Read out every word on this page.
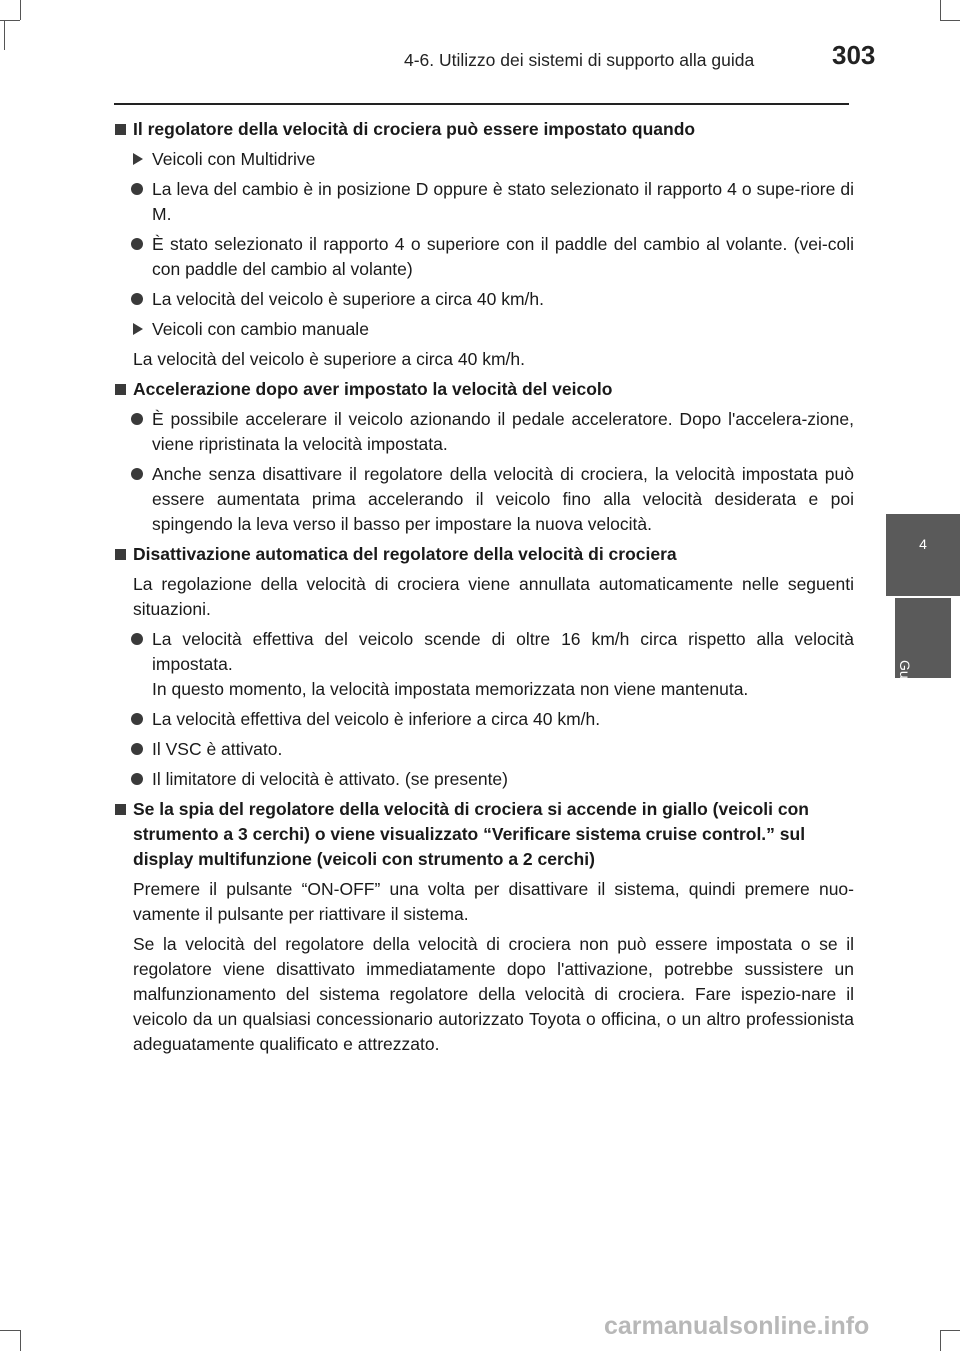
4-6. Utilizzo dei sistemi di supporto alla guida	303
4
Guida
Il regolatore della velocità di crociera può essere impostato quando
Veicoli con Multidrive
La leva del cambio è in posizione D oppure è stato selezionato il rapporto 4 o supe-riore di M.
È stato selezionato il rapporto 4 o superiore con il paddle del cambio al volante. (vei-coli con paddle del cambio al volante)
La velocità del veicolo è superiore a circa 40 km/h.
Veicoli con cambio manuale
La velocità del veicolo è superiore a circa 40 km/h.
Accelerazione dopo aver impostato la velocità del veicolo
È possibile accelerare il veicolo azionando il pedale acceleratore. Dopo l'accelera-zione, viene ripristinata la velocità impostata.
Anche senza disattivare il regolatore della velocità di crociera, la velocità impostata può essere aumentata prima accelerando il veicolo fino alla velocità desiderata e poi spingendo la leva verso il basso per impostare la nuova velocità.
Disattivazione automatica del regolatore della velocità di crociera
La regolazione della velocità di crociera viene annullata automaticamente nelle seguenti situazioni.
La velocità effettiva del veicolo scende di oltre 16 km/h circa rispetto alla velocità impostata.
In questo momento, la velocità impostata memorizzata non viene mantenuta.
La velocità effettiva del veicolo è inferiore a circa 40 km/h.
Il VSC è attivato.
Il limitatore di velocità è attivato. (se presente)
Se la spia del regolatore della velocità di crociera si accende in giallo (veicoli con strumento a 3 cerchi) o viene visualizzato “Verificare sistema cruise control.” sul display multifunzione (veicoli con strumento a 2 cerchi)
Premere il pulsante “ON-OFF” una volta per disattivare il sistema, quindi premere nuo-vamente il pulsante per riattivare il sistema.
Se la velocità del regolatore della velocità di crociera non può essere impostata o se il regolatore viene disattivato immediatamente dopo l'attivazione, potrebbe sussistere un malfunzionamento del sistema regolatore della velocità di crociera. Fare ispezio-nare il veicolo da un qualsiasi concessionario autorizzato Toyota o officina, o un altro professionista adeguatamente qualificato e attrezzato.
carmanualsonline.info
